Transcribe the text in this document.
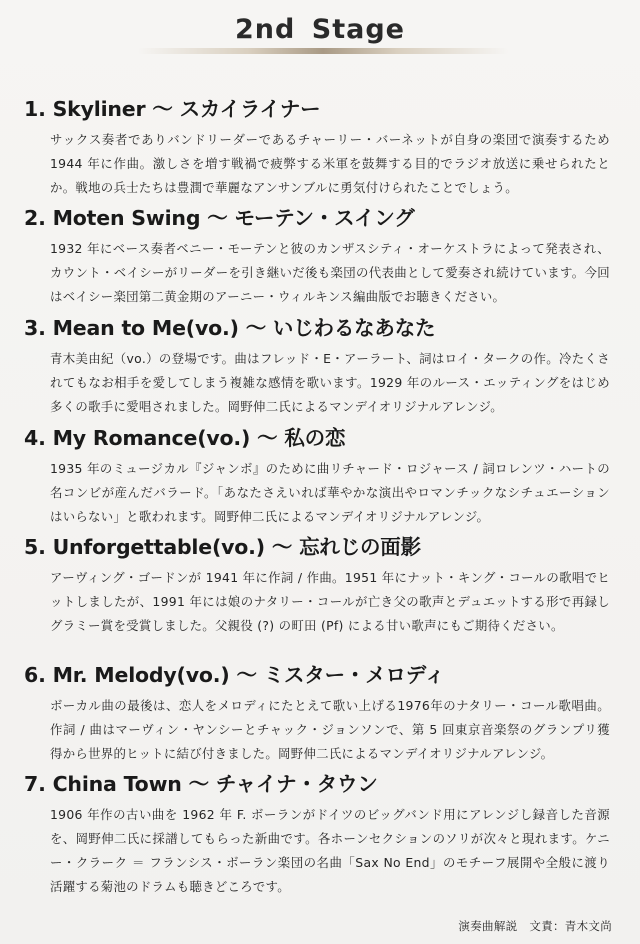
2nd Stage
1. Skyliner ～ スカイライナー

サックス奏者でありバンドリーダーであるチャーリー・バーネットが自身の楽団で演奏するため 1944 年に作曲。激しさを増す戦禍で疲弊する米軍を鼓舞する目的でラジオ放送に乗せられたとか。戦地の兵士たちは豊潤で華麗なアンサンブルに勇気付けられたことでしょう。

2. Moten Swing ～ モーテン・スイング

1932 年にベース奏者ベニー・モーテンと彼のカンザスシティ・オーケストラによって発表され、カウント・ベイシーがリーダーを引き継いだ後も楽団の代表曲として愛奏され続けています。今回はベイシー楽団第二黄金期のアーニー・ウィルキンス編曲版でお聴きください。

3. Mean to Me(vo.) ～ いじわるなあなた

青木美由紀（vo.）の登場です。曲はフレッド・E・アーラート、詞はロイ・タークの作。冷たくされてもなお相手を愛してしまう複雑な感情を歌います。1929 年のルース・エッティングをはじめ多くの歌手に愛唱されました。岡野伸二氏によるマンデイオリジナルアレンジ。

4. My Romance(vo.) ～ 私の恋

1935 年のミュージカル『ジャンボ』のために曲リチャード・ロジャース / 詞ロレンツ・ハートの名コンビが産んだバラード。「あなたさえいれば華やかな演出やロマンチックなシチュエーションはいらない」と歌われます。岡野伸二氏によるマンデイオリジナルアレンジ。

5. Unforgettable(vo.) ～ 忘れじの面影

アーヴィング・ゴードンが 1941 年に作詞 / 作曲。1951 年にナット・キング・コールの歌唱でヒットしましたが、1991 年には娘のナタリー・コールが亡き父の歌声とデュエットする形で再録しグラミー賞を受賞しました。父親役 (?) の町田 (Pf) による甘い歌声にもご期待ください。

6. Mr. Melody(vo.) ～ ミスター・メロディ

ボーカル曲の最後は、恋人をメロディにたとえて歌い上げる1976年のナタリー・コール歌唱曲。作詞 / 曲はマーヴィン・ヤンシーとチャック・ジョンソンで、第 5 回東京音楽祭のグランプリ獲得から世界的ヒットに結び付きました。岡野伸二氏によるマンデイオリジナルアレンジ。

7. China Town ～ チャイナ・タウン

1906 年作の古い曲を 1962 年 F. ボーランがドイツのビッグバンド用にアレンジし録音した音源を、岡野伸二氏に採譜してもらった新曲です。各ホーンセクションのソリが次々と現れます。ケニー・クラーク ＝ フランシス・ボーラン楽団の名曲「Sax No End」のモチーフ展開や全般に渡り活躍する菊池のドラムも聴きどころです。

演奏曲解説 文責：青木文尚
